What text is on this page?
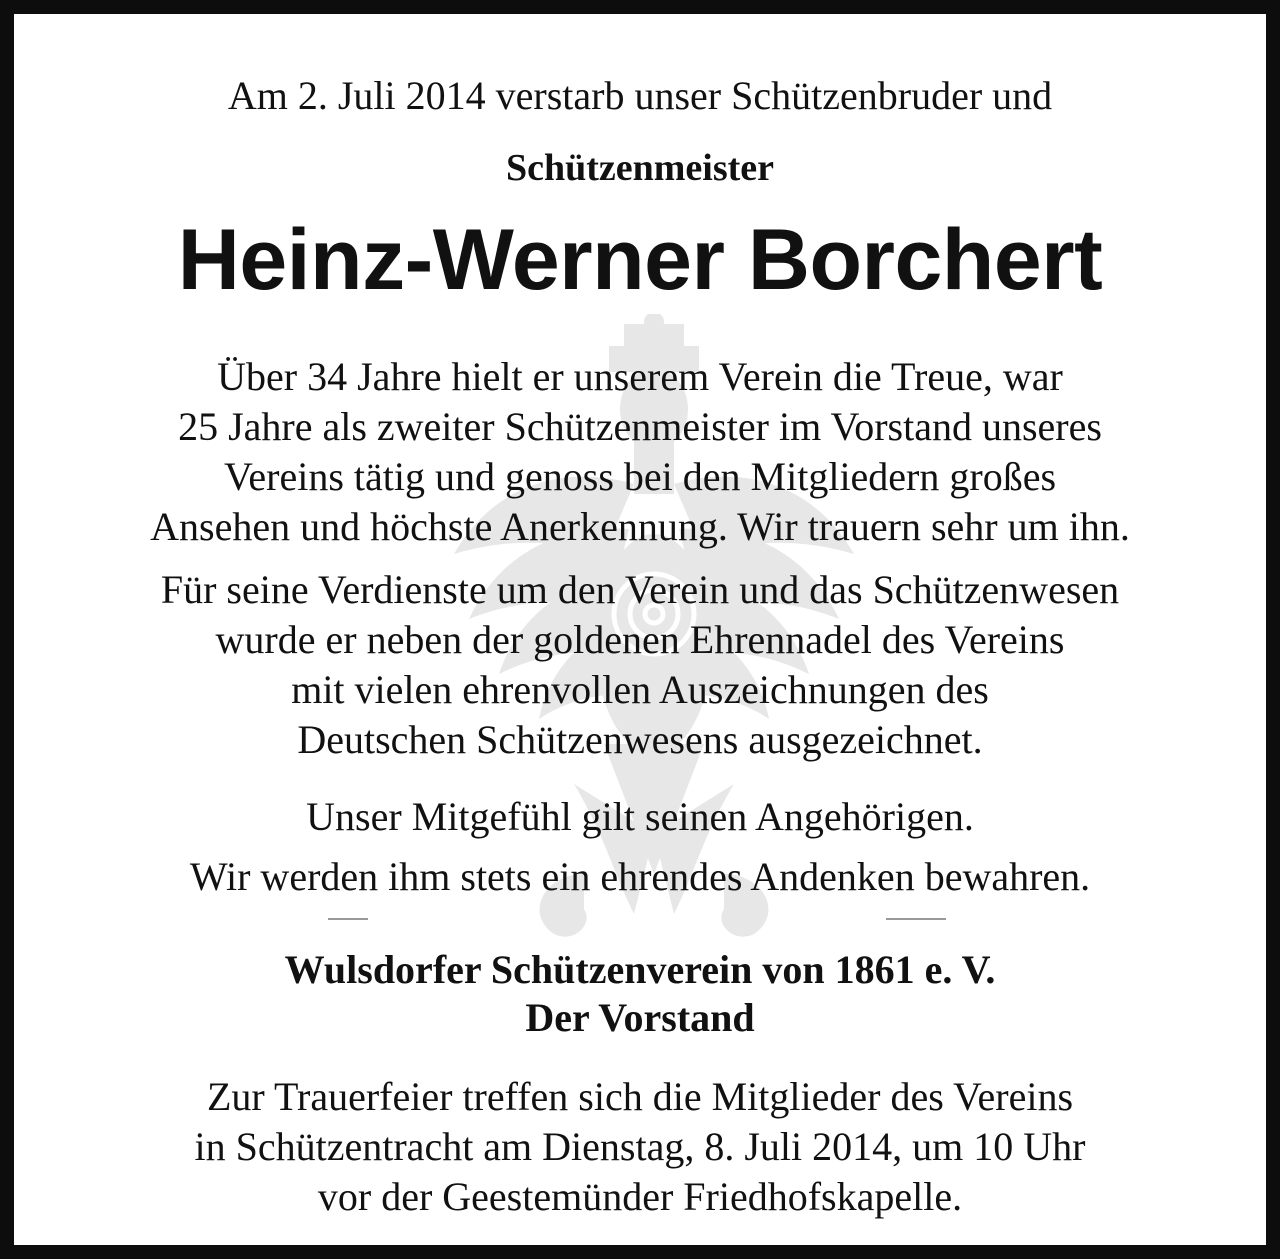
Am 2. Juli 2014 verstarb unser Schützenbruder und
Schützenmeister
Heinz-Werner Borchert
Über 34 Jahre hielt er unserem Verein die Treue, war
25 Jahre als zweiter Schützenmeister im Vorstand unseres
Vereins tätig und genoss bei den Mitgliedern großes
Ansehen und höchste Anerkennung. Wir trauern sehr um ihn.
Für seine Verdienste um den Verein und das Schützenwesen
wurde er neben der goldenen Ehrennadel des Vereins
mit vielen ehrenvollen Auszeichnungen des
Deutschen Schützenwesens ausgezeichnet.
Unser Mitgefühl gilt seinen Angehörigen.
Wir werden ihm stets ein ehrendes Andenken bewahren.
Wulsdorfer Schützenverein von 1861 e. V.
Der Vorstand
Zur Trauerfeier treffen sich die Mitglieder des Vereins
in Schützentracht am Dienstag, 8. Juli 2014, um 10 Uhr
vor der Geestemünder Friedhofskapelle.
